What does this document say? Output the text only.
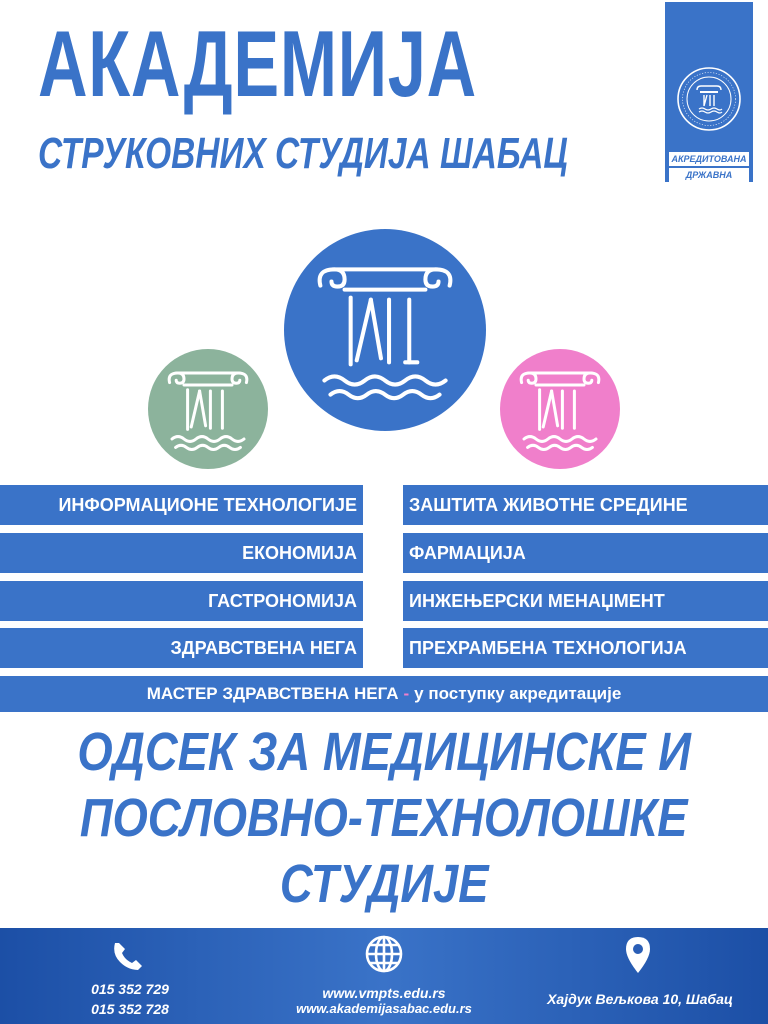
АКАДЕМИЈА
СТРУКОВНИХ СТУДИЈА ШАБАЦ	АКРЕДИТОВАНА
ДРЖАВНА
ИНФОРМАЦИОНЕ ТЕХНОЛОГИЈЕ
ЕКОНОМИЈА
ГАСТРОНОМИЈА
ЗДРАВСТВЕНА НЕГА
ЗАШТИТА ЖИВОТНЕ СРЕДИНЕ
ФАРМАЦИЈА
ИНЖЕЊЕРСКИ МЕНАЏМЕНТ
ПРЕХРАМБЕНА ТЕХНОЛОГИЈА
МАСТЕР ЗДРАВСТВЕНА НЕГА - у поступку акредитације
ОДСЕК ЗА МЕДИЦИНСКЕ И
ПОСЛОВНО-ТЕХНОЛОШКЕ
СТУДИЈЕ
015 352 729
015 352 728
www.vmpts.edu.rs
www.akademijasabac.edu.rs
Хајдук Вељкова 10, Шабац
